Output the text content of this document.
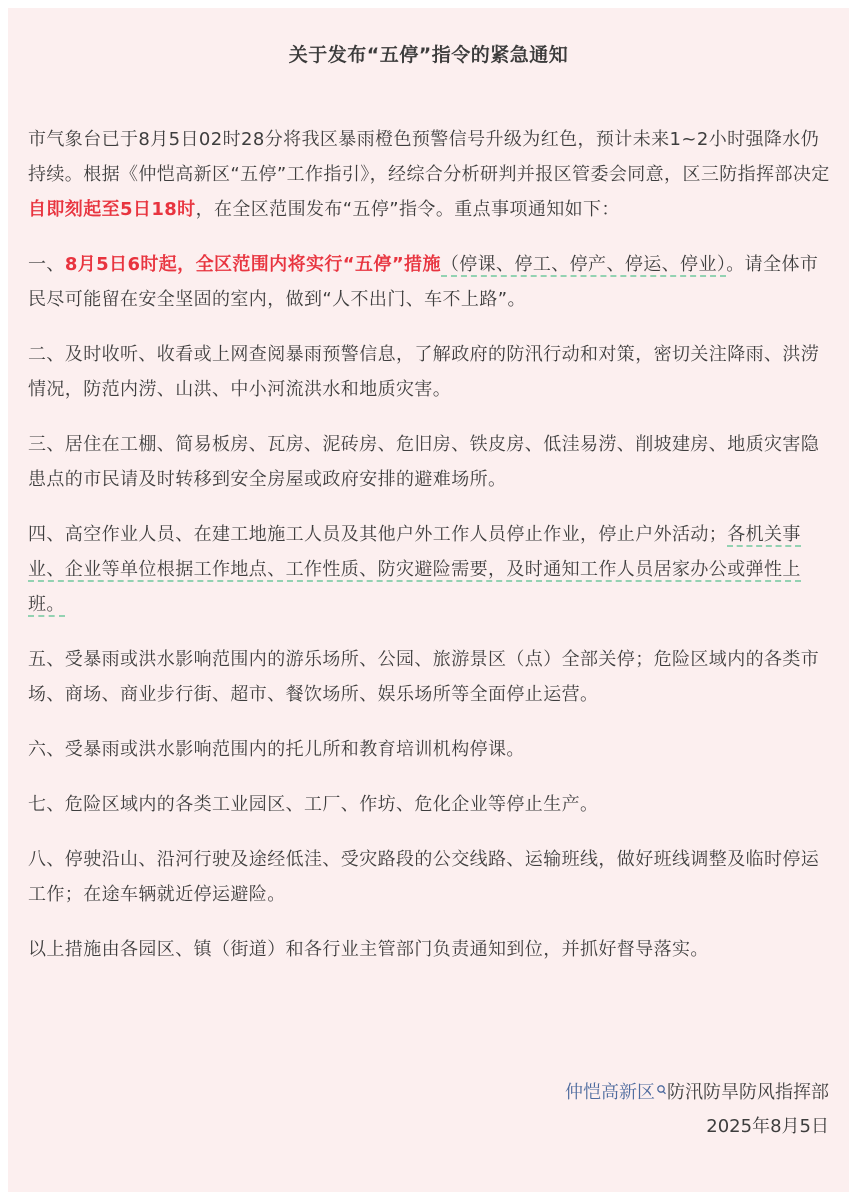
关于发布“五停”指令的紧急通知

市气象台已于8月5日02时28分将我区暴雨橙色预警信号升级为红色，预计未来1~2小时强降水仍持续。根据《仲恺高新区“五停”工作指引》，经综合分析研判并报区管委会同意，区三防指挥部决定自即刻起至5日18时，在全区范围发布“五停”指令。重点事项通知如下：

一、8月5日6时起，全区范围内将实行“五停”措施（停课、停工、停产、停运、停业）。请全体市民尽可能留在安全坚固的室内，做到“人不出门、车不上路”。

二、及时收听、收看或上网查阅暴雨预警信息，了解政府的防汛行动和对策，密切关注降雨、洪涝情况，防范内涝、山洪、中小河流洪水和地质灾害。

三、居住在工棚、简易板房、瓦房、泥砖房、危旧房、铁皮房、低洼易涝、削坡建房、地质灾害隐患点的市民请及时转移到安全房屋或政府安排的避难场所。

四、高空作业人员、在建工地施工人员及其他户外工作人员停止作业，停止户外活动；各机关事业、企业等单位根据工作地点、工作性质、防灾避险需要，及时通知工作人员居家办公或弹性上班。

五、受暴雨或洪水影响范围内的游乐场所、公园、旅游景区（点）全部关停；危险区域内的各类市场、商场、商业步行街、超市、餐饮场所、娱乐场所等全面停止运营。

六、受暴雨或洪水影响范围内的托儿所和教育培训机构停课。

七、危险区域内的各类工业园区、工厂、作坊、危化企业等停止生产。

八、停驶沿山、沿河行驶及途经低洼、受灾路段的公交线路、运输班线，做好班线调整及临时停运工作；在途车辆就近停运避险。

以上措施由各园区、镇（街道）和各行业主管部门负责通知到位，并抓好督导落实。

仲恺高新区 防汛防旱防风指挥部
2025年8月5日
